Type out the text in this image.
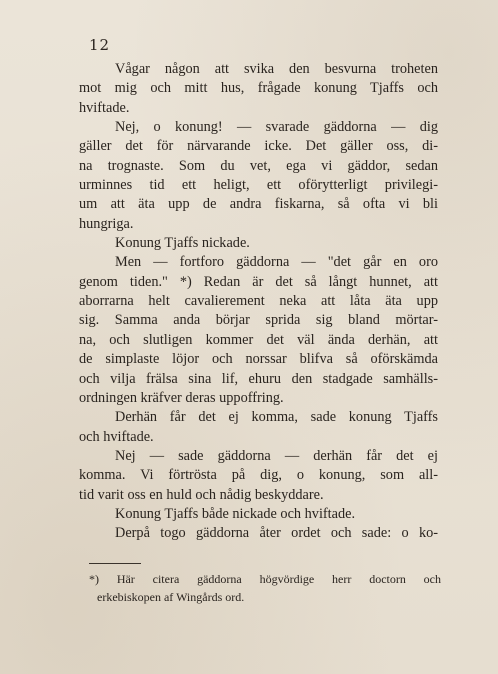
12
Vågar någon att svika den besvurna troheten
mot mig och mitt hus, frågade konung Tjaffs och
hviftade.
Nej, o konung! — svarade gäddorna — dig
gäller det för närvarande icke. Det gäller oss, di-
na trognaste. Som du vet, ega vi gäddor, sedan
urminnes tid ett heligt, ett oförytterligt privilegi-
um att äta upp de andra fiskarna, så ofta vi bli
hungriga.
Konung Tjaffs nickade.
Men — fortforo gäddorna — "det går en oro
genom tiden." *) Redan är det så långt hunnet, att
aborrarna helt cavalierement neka att låta äta upp
sig. Samma anda börjar sprida sig bland mörtar-
na, och slutligen kommer det väl ända derhän, att
de simplaste löjor och norssar blifva så oförskämda
och vilja frälsa sina lif, ehuru den stadgade samhälls-
ordningen kräfver deras uppoffring.
Derhän får det ej komma, sade konung Tjaffs
och hviftade.
Nej — sade gäddorna — derhän får det ej
komma. Vi förtrösta på dig, o konung, som all-
tid varit oss en huld och nådig beskyddare.
Konung Tjaffs både nickade och hviftade.
Derpå togo gäddorna åter ordet och sade: o ko-
*) Här citera gäddorna högvördige herr doctorn och
erkebiskopen af Wingårds ord.
